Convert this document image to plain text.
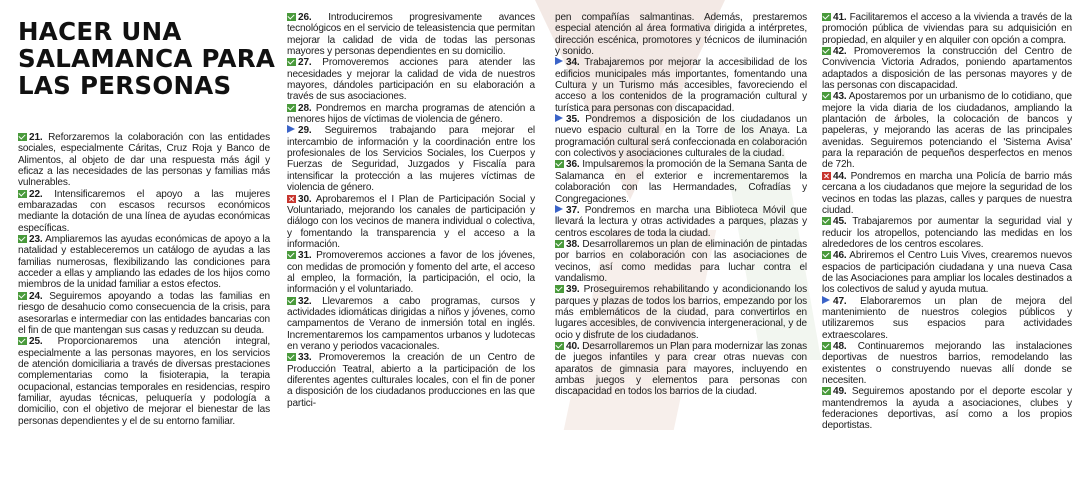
HACER UNA
SALAMANCA PARA
LAS PERSONAS

21. Reforzaremos la colaboración con las entidades sociales, especialmente Cáritas, Cruz Roja y Banco de Alimentos, al objeto de dar una respuesta más ágil y eficaz a las necesidades de las personas y familias más vulnerables.

22. Intensificaremos el apoyo a las mujeres embarazadas con escasos recursos económicos mediante la dotación de una línea de ayudas económicas específicas.

23. Ampliaremos las ayudas económicas de apoyo a la natalidad y estableceremos un catálogo de ayudas a las familias numerosas, flexibilizando las condiciones para acceder a ellas y ampliando las edades de los hijos como miembros de la unidad familiar a estos efectos.

24. Seguiremos apoyando a todas las familias en riesgo de desahucio como consecuencia de la crisis, para asesorarlas e intermediar con las entidades bancarias con el fin de que mantengan sus casas y reduzcan su deuda.

25. Proporcionaremos una atención integral, especialmente a las personas mayores, en los servicios de atención domiciliaria a través de diversas prestaciones complementarias como la fisioterapia, la terapia ocupacional, estancias temporales en residencias, respiro familiar, ayudas técnicas, peluquería y podología a domicilio, con el objetivo de mejorar el bienestar de las personas dependientes y el de su entorno familiar.

26. Introduciremos progresivamente avances tecnológicos en el servicio de teleasistencia que permitan mejorar la calidad de vida de todas las personas mayores y personas dependientes en su domicilio.

27. Promoveremos acciones para atender las necesidades y mejorar la calidad de vida de nuestros mayores, dándoles participación en su elaboración a través de sus asociaciones.

28. Pondremos en marcha programas de atención a menores hijos de víctimas de violencia de género.

29. Seguiremos trabajando para mejorar el intercambio de información y la coordinación entre los profesionales de los Servicios Sociales, los Cuerpos y Fuerzas de Seguridad, Juzgados y Fiscalía para intensificar la protección a las mujeres víctimas de violencia de género.

30. Aprobaremos el I Plan de Participación Social y Voluntariado, mejorando los canales de participación y diálogo con los vecinos de manera individual o colectiva, y fomentando la transparencia y el acceso a la información.

31. Promoveremos acciones a favor de los jóvenes, con medidas de promoción y fomento del arte, el acceso al empleo, la formación, la participación, el ocio, la información y el voluntariado.

32. Llevaremos a cabo programas, cursos y actividades idiomáticas dirigidas a niños y jóvenes, como campamentos de Verano de inmersión total en inglés. Incrementaremos los campamentos urbanos y ludotecas en verano y periodos vacacionales.

33. Promoveremos la creación de un Centro de Producción Teatral, abierto a la participación de los diferentes agentes culturales locales, con el fin de poner a disposición de los ciudadanos producciones en las que partici-

pen compañías salmantinas. Además, prestaremos especial atención al área formativa dirigida a intérpretes, dirección escénica, promotores y técnicos de iluminación y sonido.

34. Trabajaremos por mejorar la accesibilidad de los edificios municipales más importantes, fomentando una Cultura y un Turismo más accesibles, favoreciendo el acceso a los contenidos de la programación cultural y turística para personas con discapacidad.

35. Pondremos a disposición de los ciudadanos un nuevo espacio cultural en la Torre de los Anaya. La programación cultural será confeccionada en colaboración con colectivos y asociaciones culturales de la ciudad.

36. Impulsaremos la promoción de la Semana Santa de Salamanca en el exterior e incrementaremos la colaboración con las Hermandades, Cofradías y Congregaciones.

37. Pondremos en marcha una Biblioteca Móvil que llevará la lectura y otras actividades a parques, plazas y centros escolares de toda la ciudad.

38. Desarrollaremos un plan de eliminación de pintadas por barrios en colaboración con las asociaciones de vecinos, así como medidas para luchar contra el vandalismo.

39. Proseguiremos rehabilitando y acondicionando los parques y plazas de todos los barrios, empezando por los más emblemáticos de la ciudad, para convertirlos en lugares accesibles, de convivencia intergeneracional, y de ocio y disfrute de los ciudadanos.

40. Desarrollaremos un Plan para modernizar las zonas de juegos infantiles y para crear otras nuevas con aparatos de gimnasia para mayores, incluyendo en ambas juegos y elementos para personas con discapacidad en todos los barrios de la ciudad.

41. Facilitaremos el acceso a la vivienda a través de la promoción pública de viviendas para su adquisición en propiedad, en alquiler y en alquiler con opción a compra.

42. Promoveremos la construcción del Centro de Convivencia Victoria Adrados, poniendo apartamentos adaptados a disposición de las personas mayores y de las personas con discapacidad.

43. Apostaremos por un urbanismo de lo cotidiano, que mejore la vida diaria de los ciudadanos, ampliando la plantación de árboles, la colocación de bancos y papeleras, y mejorando las aceras de las principales avenidas. Seguiremos potenciando el 'Sistema Avisa' para la reparación de pequeños desperfectos en menos de 72h.

44. Pondremos en marcha una Policía de barrio más cercana a los ciudadanos que mejore la seguridad de los vecinos en todas las plazas, calles y parques de nuestra ciudad.

45. Trabajaremos por aumentar la seguridad vial y reducir los atropellos, potenciando las medidas en los alrededores de los centros escolares.

46. Abriremos el Centro Luis Vives, crearemos nuevos espacios de participación ciudadana y una nueva Casa de las Asociaciones para ampliar los locales destinados a los colectivos de salud y ayuda mutua.

47. Elaboraremos un plan de mejora del mantenimiento de nuestros colegios públicos y utilizaremos sus espacios para actividades extraescolares.

48. Continuaremos mejorando las instalaciones deportivas de nuestros barrios, remodelando las existentes o construyendo nuevas allí donde se necesiten.

49. Seguiremos apostando por el deporte escolar y mantendremos la ayuda a asociaciones, clubes y federaciones deportivas, así como a los propios deportistas.
